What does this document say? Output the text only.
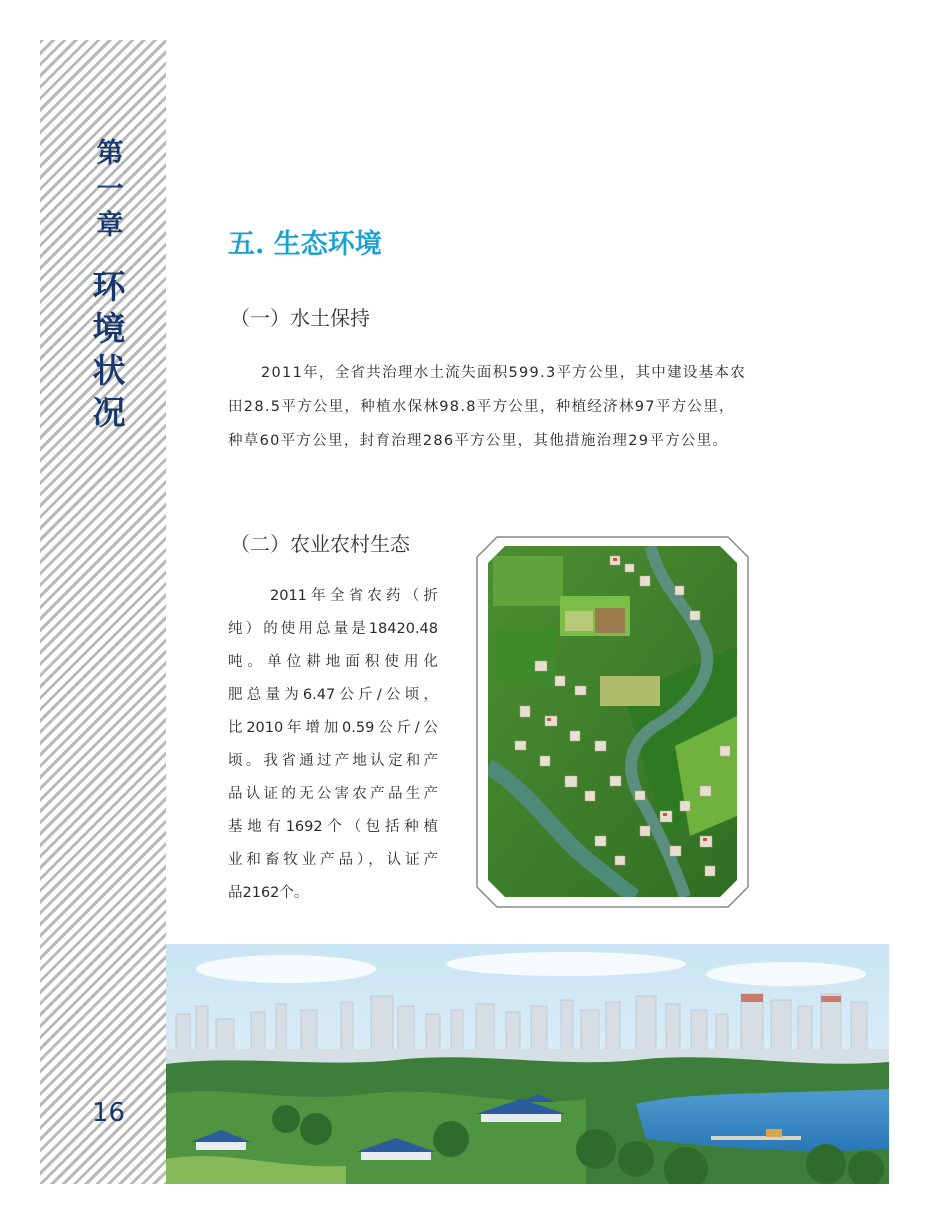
第
一
章
环
境
状
况
16
五. 生态环境
（一）水土保持
2011年，全省共治理水土流失面积599.3平方公里，其中建设基本农
田28.5平方公里，种植水保林98.8平方公里，种植经济林97平方公里，
种草60平方公里，封育治理286平方公里，其他措施治理29平方公里。
（二）农业农村生态
2011年全省农药（折
纯）的使用总量是18420.48
吨。单位耕地面积使用化
肥总量为6.47公斤/公顷，
比2010年增加0.59公斤/公
顷。我省通过产地认定和产
品认证的无公害农产品生产
基地有1692个（包括种植
业和畜牧业产品），认证产
品2162个。
